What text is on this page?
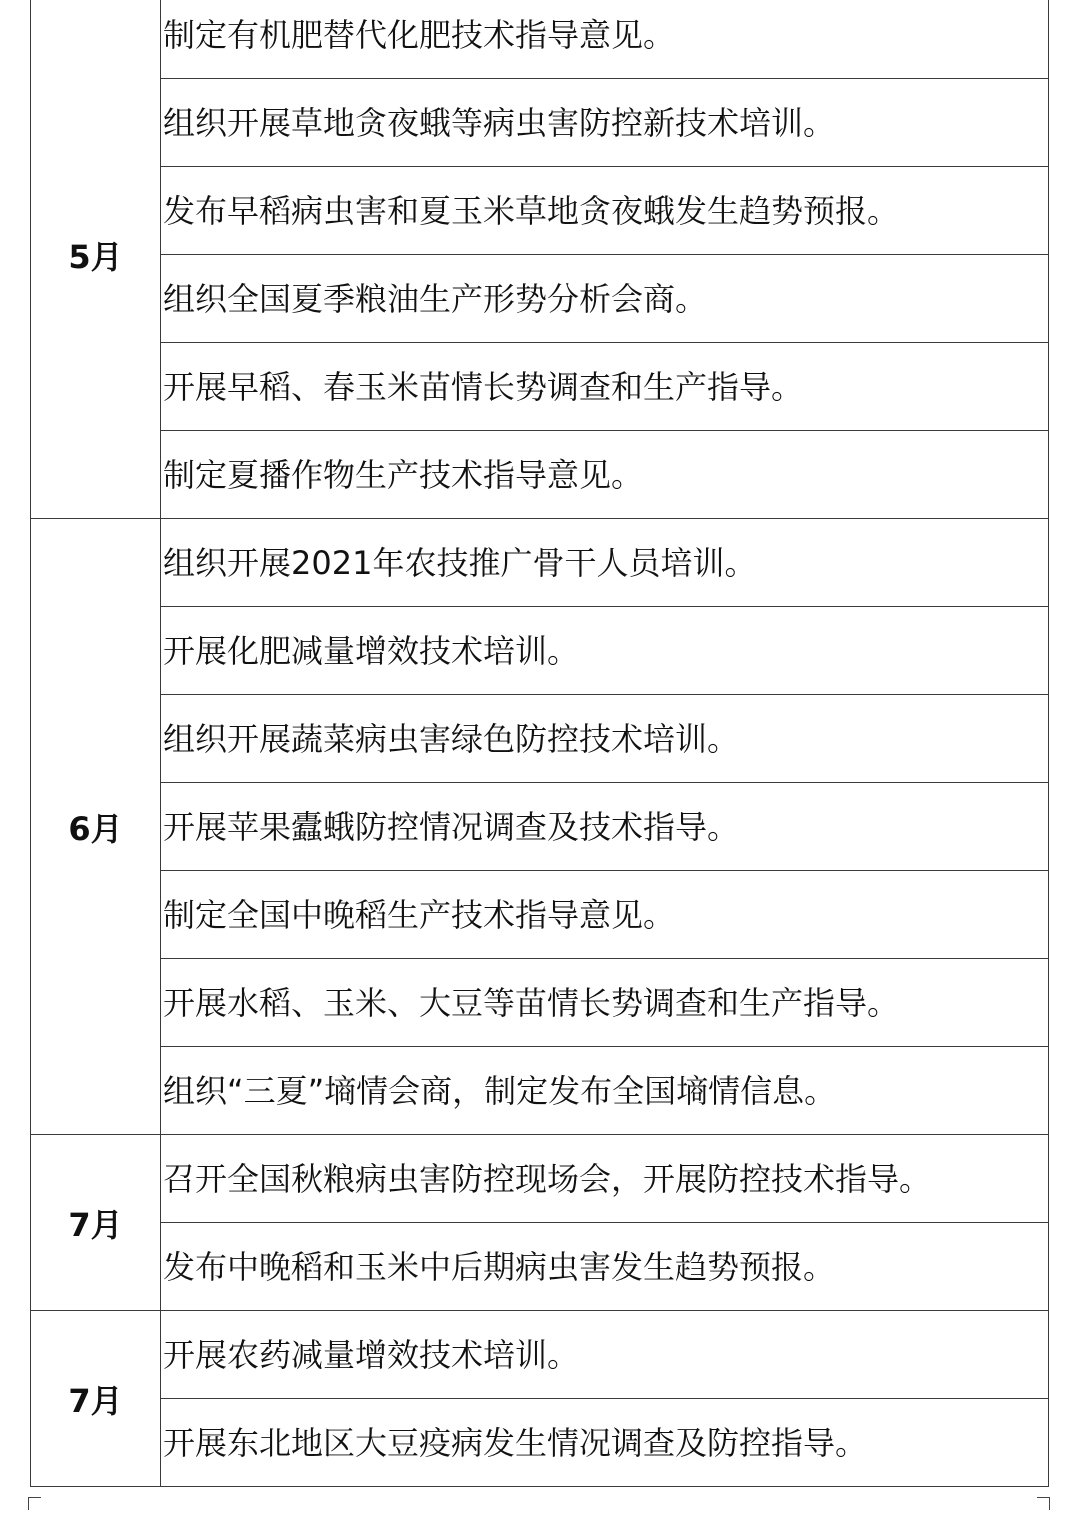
5月	制定有机肥替代化肥技术指导意见。
	组织开展草地贪夜蛾等病虫害防控新技术培训。
	发布早稻病虫害和夏玉米草地贪夜蛾发生趋势预报。
	组织全国夏季粮油生产形势分析会商。
	开展早稻、春玉米苗情长势调查和生产指导。
	制定夏播作物生产技术指导意见。
6月	组织开展2021年农技推广骨干人员培训。
	开展化肥减量增效技术培训。
	组织开展蔬菜病虫害绿色防控技术培训。
	开展苹果蠹蛾防控情况调查及技术指导。
	制定全国中晚稻生产技术指导意见。
	开展水稻、玉米、大豆等苗情长势调查和生产指导。
	组织“三夏”墒情会商，制定发布全国墒情信息。
7月	召开全国秋粮病虫害防控现场会，开展防控技术指导。
	发布中晚稻和玉米中后期病虫害发生趋势预报。
7月	开展农药减量增效技术培训。
	开展东北地区大豆疫病发生情况调查及防控指导。
